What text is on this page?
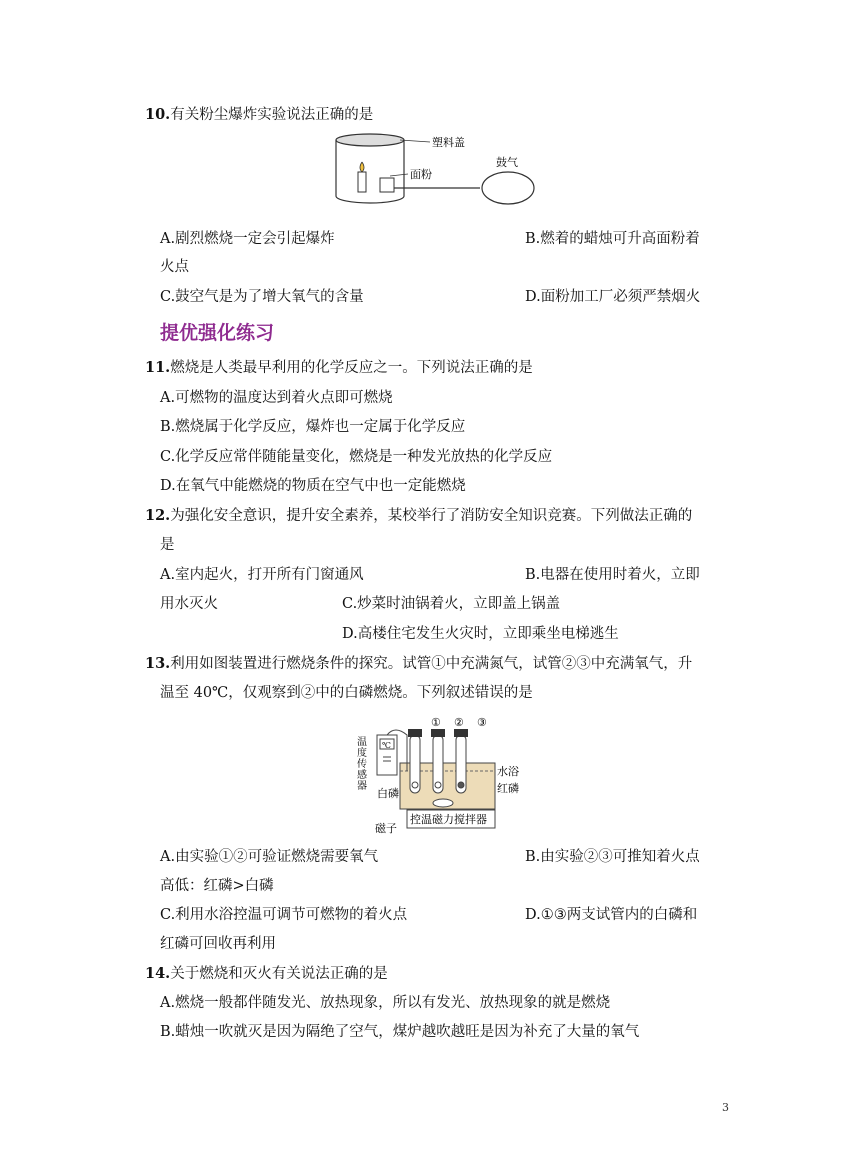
10.有关粉尘爆炸实验说法正确的是
塑料盖
面粉
鼓气
A.剧烈燃烧一定会引起爆炸	B.燃着的蜡烛可升高面粉着
火点
C.鼓空气是为了增大氧气的含量	D.面粉加工厂必须严禁烟火
提优强化练习
11.燃烧是人类最早利用的化学反应之一。下列说法正确的是
A.可燃物的温度达到着火点即可燃烧
B.燃烧属于化学反应，爆炸也一定属于化学反应
C.化学反应常伴随能量变化，燃烧是一种发光放热的化学反应
D.在氧气中能燃烧的物质在空气中也一定能燃烧
12.为强化安全意识，提升安全素养，某校举行了消防安全知识竞赛。下列做法正确的
是
A.室内起火，打开所有门窗通风	B.电器在使用时着火，立即
用水灭火	C.炒菜时油锅着火，立即盖上锅盖
D.高楼住宅发生火灾时，立即乘坐电梯逃生
13.利用如图装置进行燃烧条件的探究。试管①中充满氮气，试管②③中充满氧气，升
温至 40℃，仅观察到②中的白磷燃烧。下列叙述错误的是
℃
控温磁力搅拌器
磁子
① ② ③
水浴
红磷
白磷
温
度
传
感
器
A.由实验①②可验证燃烧需要氧气	B.由实验②③可推知着火点
高低：红磷>白磷
C.利用水浴控温可调节可燃物的着火点	D.①③两支试管内的白磷和
红磷可回收再利用
14.关于燃烧和灭火有关说法正确的是
A.燃烧一般都伴随发光、放热现象，所以有发光、放热现象的就是燃烧
B.蜡烛一吹就灭是因为隔绝了空气，煤炉越吹越旺是因为补充了大量的氧气
3
